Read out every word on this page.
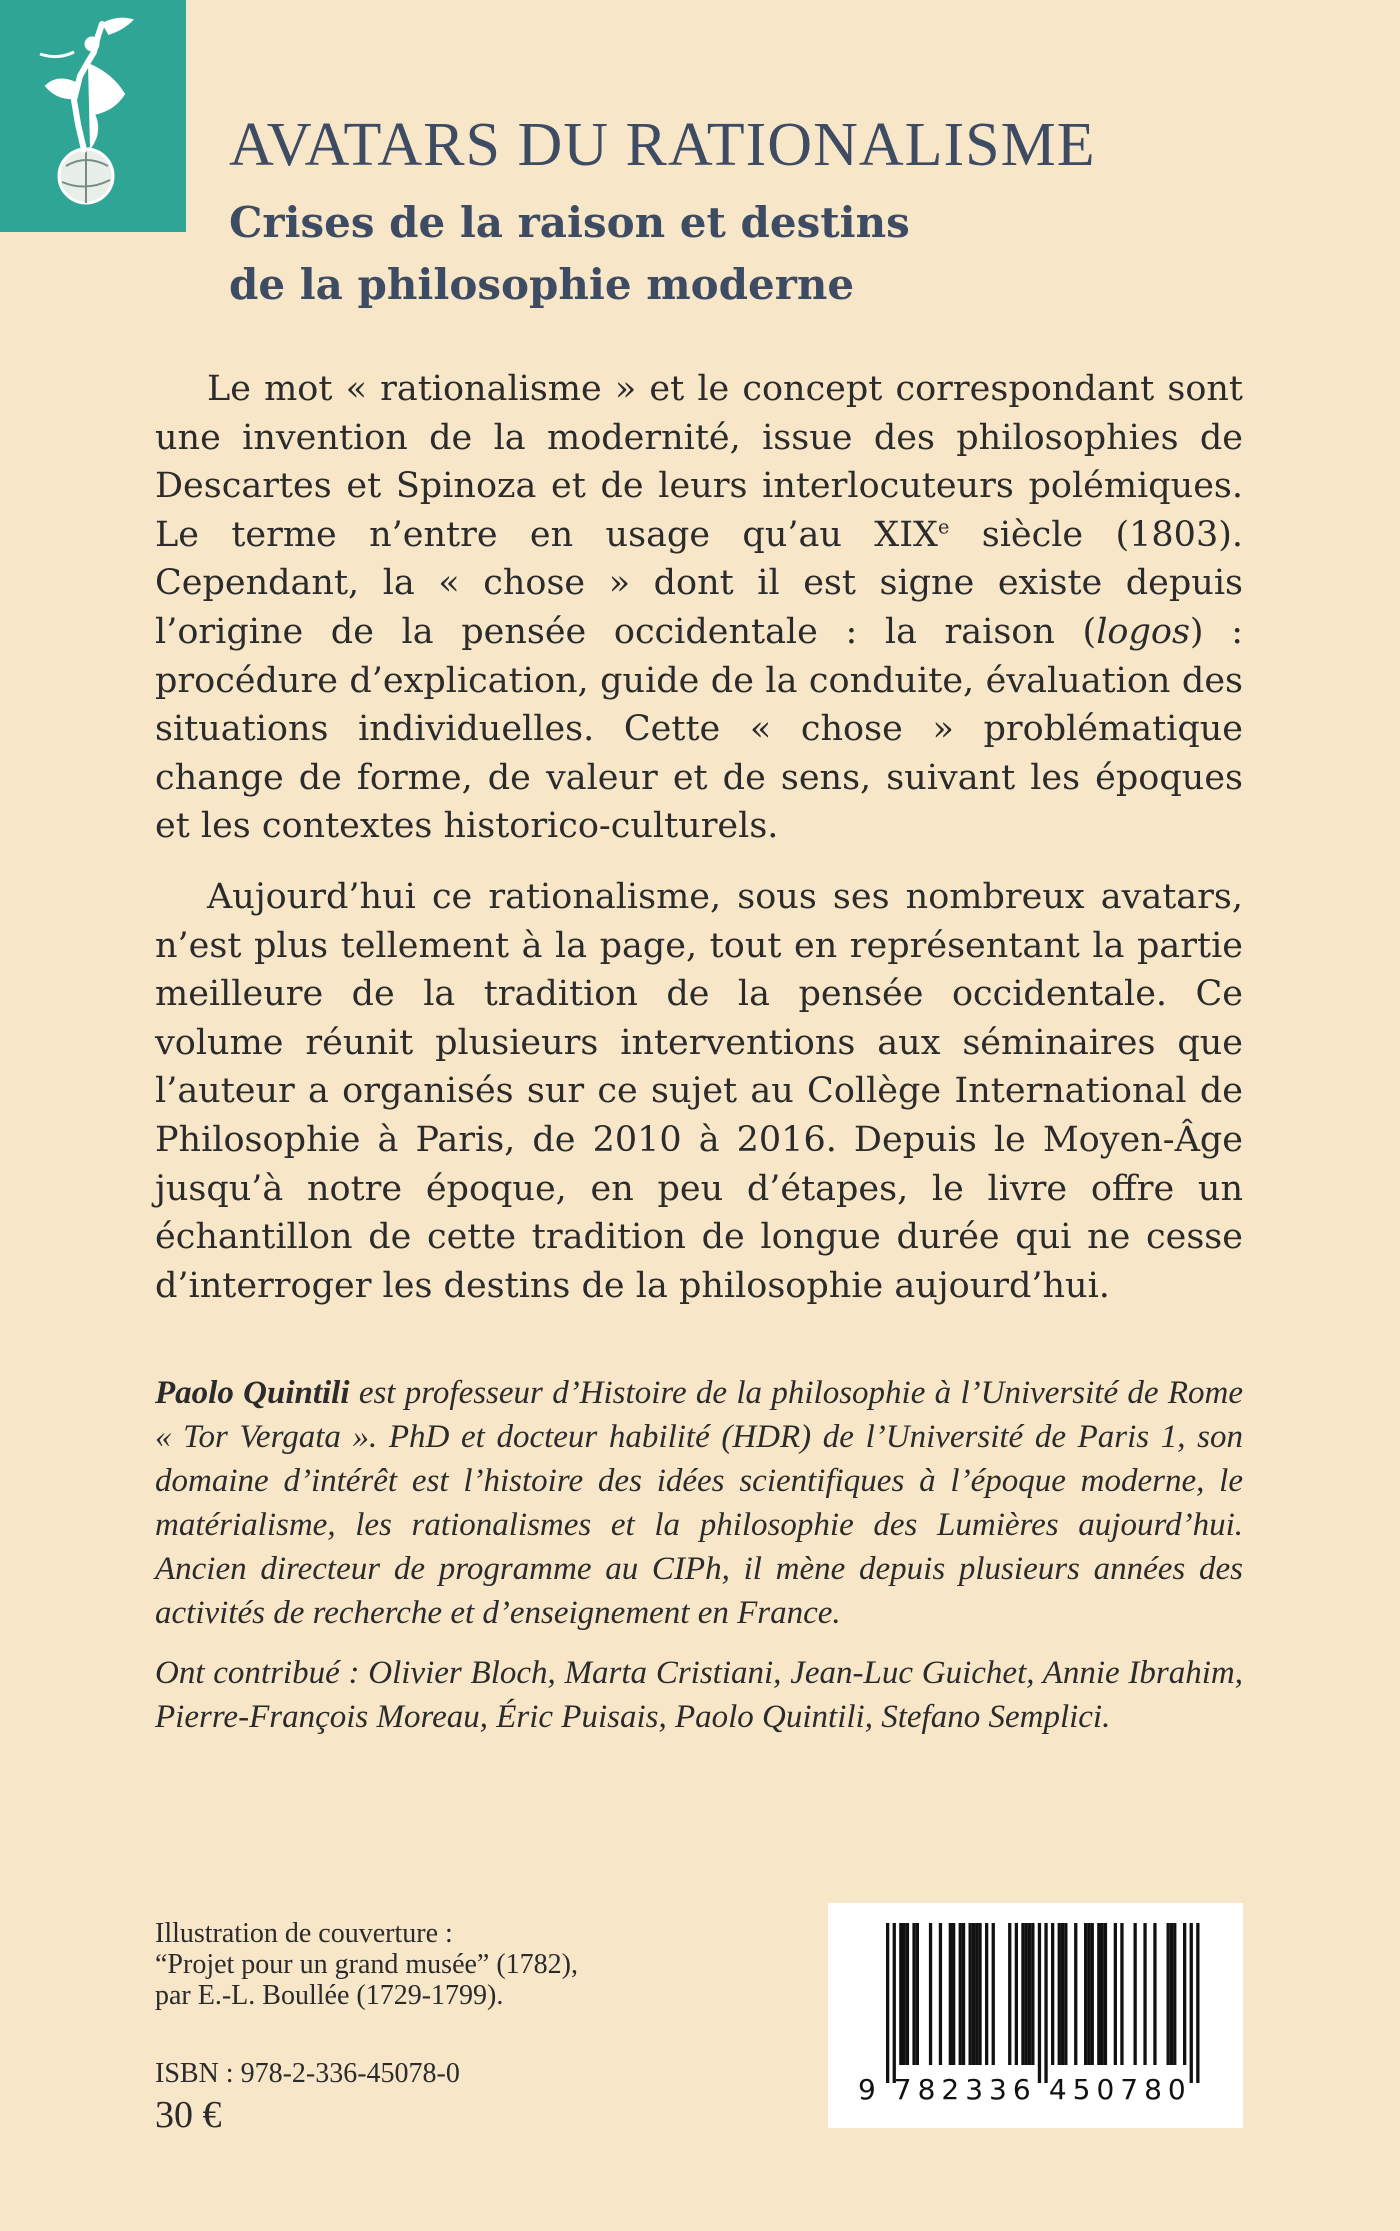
AVATARS DU RATIONALISME
Crises de la raison et destins
de la philosophie moderne

Le mot « rationalisme » et le concept correspondant sont une invention de la modernité, issue des philosophies de Descartes et Spinoza et de leurs interlocuteurs polémiques. Le terme n’entre en usage qu’au XIXe siècle (1803). Cependant, la « chose » dont il est signe existe depuis l’origine de la pensée occidentale : la raison (logos) : procédure d’explication, guide de la conduite, évaluation des situations individuelles. Cette « chose » problématique change de forme, de valeur et de sens, suivant les époques et les contextes historico-culturels.

Aujourd’hui ce rationalisme, sous ses nombreux avatars, n’est plus tellement à la page, tout en représentant la partie meilleure de la tradition de la pensée occidentale. Ce volume réunit plusieurs interventions aux séminaires que l’auteur a organisés sur ce sujet au Collège International de Philosophie à Paris, de 2010 à 2016. Depuis le Moyen-Âge jusqu’à notre époque, en peu d’étapes, le livre offre un échantillon de cette tradition de longue durée qui ne cesse d’interroger les destins de la philosophie aujourd’hui.

Paolo Quintili est professeur d’Histoire de la philosophie à l’Université de Rome « Tor Vergata ». PhD et docteur habilité (HDR) de l’Université de Paris 1, son domaine d’intérêt est l’histoire des idées scientifiques à l’époque moderne, le matérialisme, les rationalismes et la philosophie des Lumières aujourd’hui. Ancien directeur de programme au CIPh, il mène depuis plusieurs années des activités de recherche et d’enseignement en France.

Ont contribué : Olivier Bloch, Marta Cristiani, Jean-Luc Guichet, Annie Ibrahim, Pierre-François Moreau, Éric Puisais, Paolo Quintili, Stefano Semplici.

Illustration de couverture :
“Projet pour un grand musée” (1782),
par E.-L. Boullée (1729-1799).
ISBN : 978-2-336-45078-0
30 €
9 782336 450780
